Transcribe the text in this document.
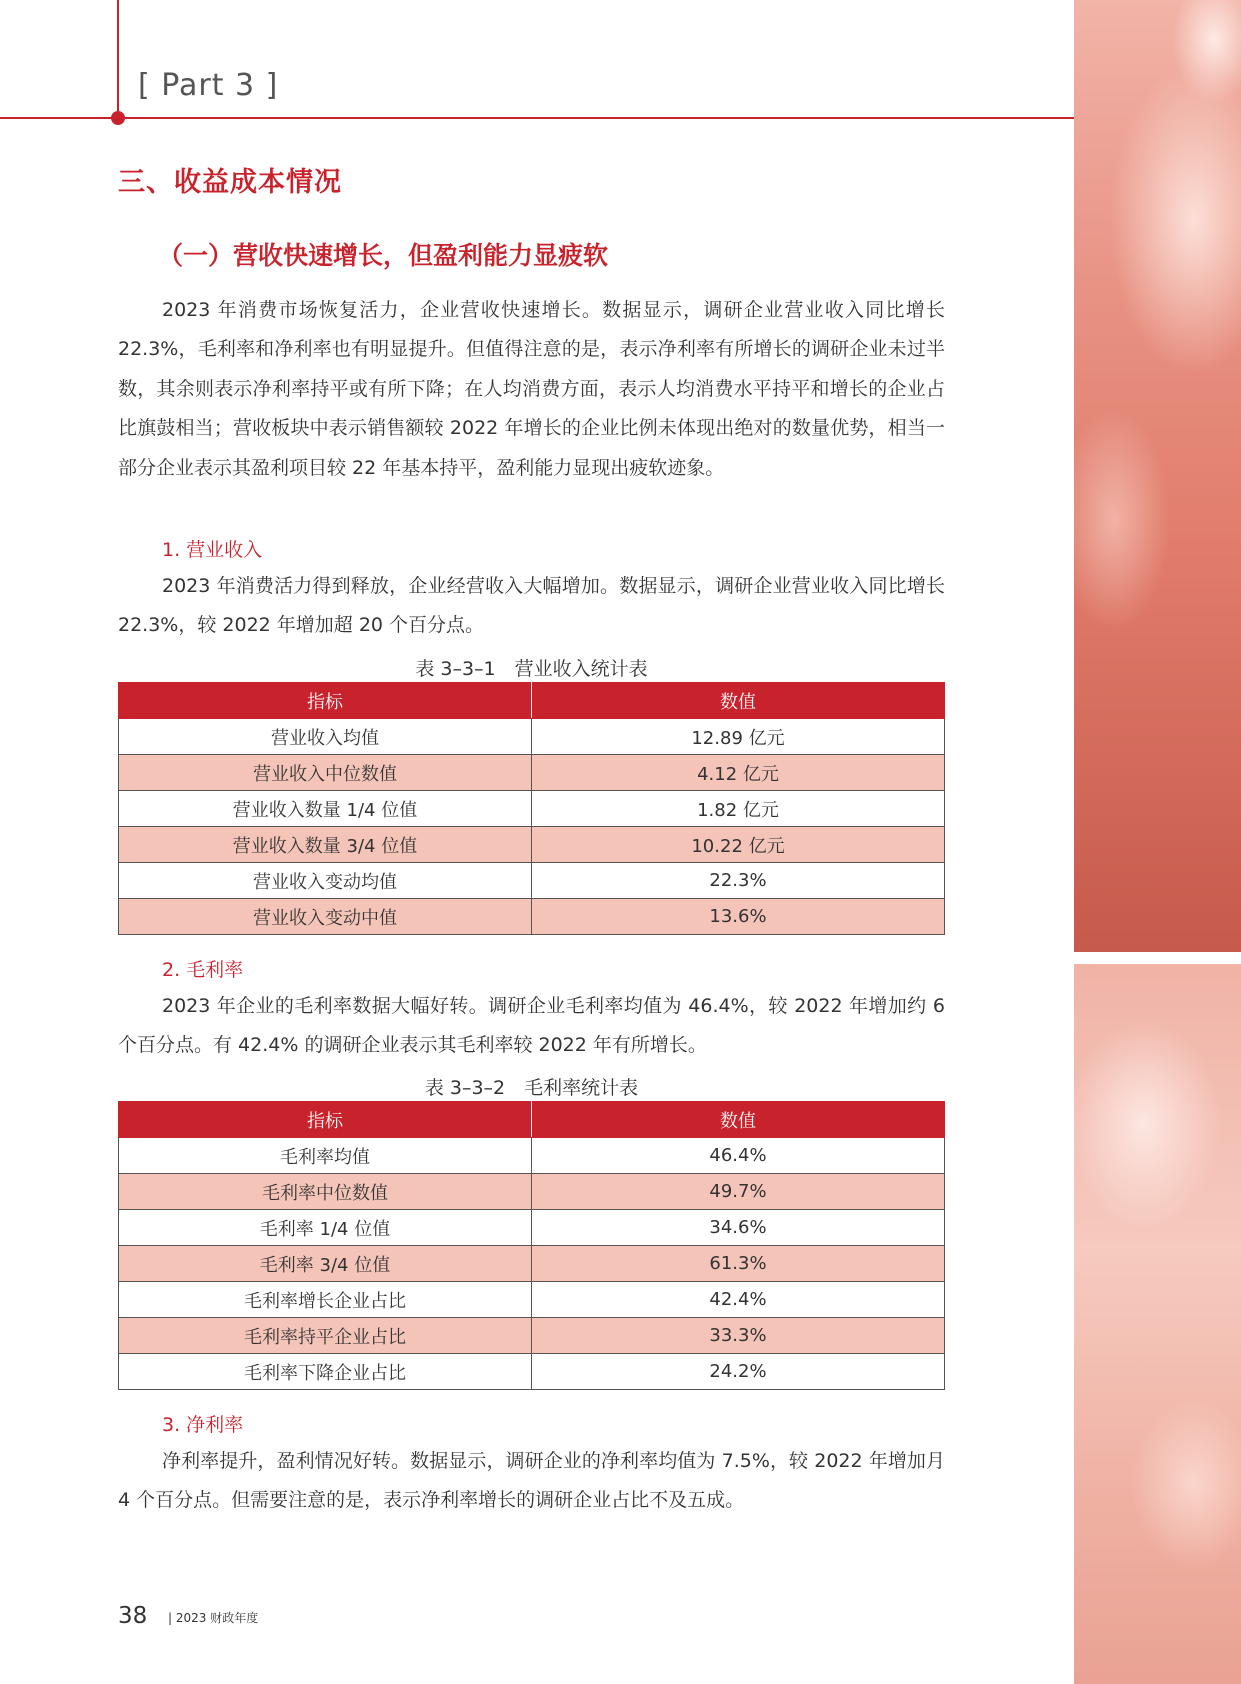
[ Part 3 ]
三、收益成本情况
（一）营收快速增长，但盈利能力显疲软

2023 年消费市场恢复活力，企业营收快速增长。数据显示，调研企业营业收入同比增长 22.3%，毛利率和净利率也有明显提升。但值得注意的是，表示净利率有所增长的调研企业未过半数，其余则表示净利率持平或有所下降；在人均消费方面，表示人均消费水平持平和增长的企业占比旗鼓相当；营收板块中表示销售额较 2022 年增长的企业比例未体现出绝对的数量优势，相当一部分企业表示其盈利项目较 22 年基本持平，盈利能力显现出疲软迹象。

1. 营业收入

2023 年消费活力得到释放，企业经营收入大幅增加。数据显示，调研企业营业收入同比增长 22.3%，较 2022 年增加超 20 个百分点。

表 3–3–1　营业收入统计表
指标	数值
营业收入均值	12.89 亿元
营业收入中位数值	4.12 亿元
营业收入数量 1/4 位值	1.82 亿元
营业收入数量 3/4 位值	10.22 亿元
营业收入变动均值	22.3%
营业收入变动中值	13.6%
2. 毛利率

2023 年企业的毛利率数据大幅好转。调研企业毛利率均值为 46.4%，较 2022 年增加约 6 个百分点。有 42.4% 的调研企业表示其毛利率较 2022 年有所增长。

表 3–3–2　毛利率统计表
指标	数值
毛利率均值	46.4%
毛利率中位数值	49.7%
毛利率 1/4 位值	34.6%
毛利率 3/4 位值	61.3%
毛利率增长企业占比	42.4%
毛利率持平企业占比	33.3%
毛利率下降企业占比	24.2%
3. 净利率

净利率提升，盈利情况好转。数据显示，调研企业的净利率均值为 7.5%，较 2022 年增加月 4 个百分点。但需要注意的是，表示净利率增长的调研企业占比不及五成。

38 | 2023 财政年度
